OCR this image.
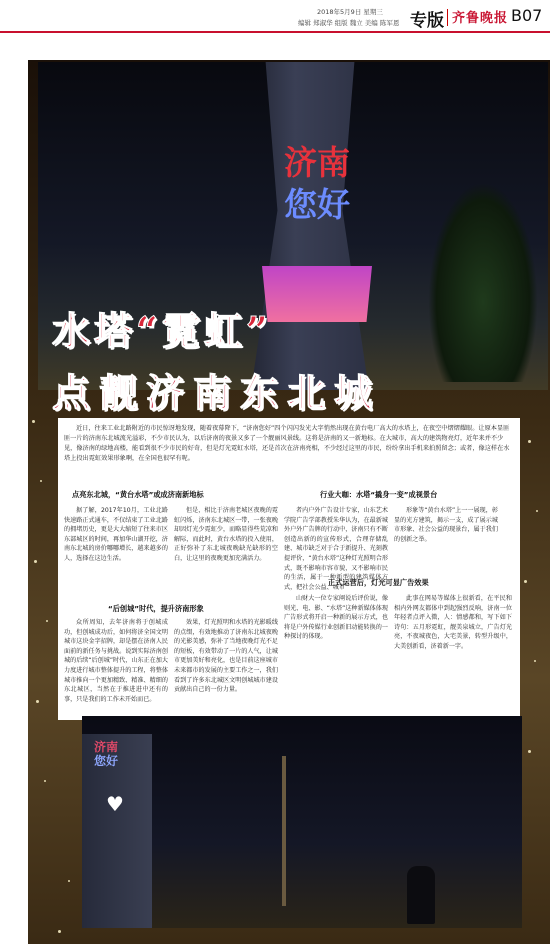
2018年5月9日 星期三
编辑 郑淑华 组版 魏立 美编 陈军恩 专版 齐鲁晚报 B07
济南
您好
水塔“霓虹”
点靓济南东北城
近日，往来工业北路附近的市民惊讶地发现，随着夜幕降下，“济南您好”四个闪闪发光大字悄然出现在黄台电厂高大的水塔上，在夜空中熠熠耀眼。让原本显匪匪一片的济南东北城流光溢彩，不少市民认为，以后济南的夜景又多了一个靓丽风景线。这将是济南的又一新地标。在大城市，高大的建筑物亮灯，近年来并不少见，像济南的绿地高楼，能看到很不少市民的好奇，但是灯光霓虹水塔，还是首次在济南亮相，不少经过这里的市民，纷纷拿出手机来拍照留念；或者，像这样在水塔上投出霓虹效果形象啊，在全国也很罕有呢。
点亮东北城，“黄台水塔”或成济南新地标	行业大咖：水塔“撬身一变”成视景台
据了解，2017年10月，工业北路快速路正式通车，不仅结束了工业北路的拥堵历史，更是大大缩短了往来市区东部城区的时间，再加华山湖开挖，济南东北城的房价哪哪增长，越来越多的人，选择在这边生活。
但是，相比于济南老城区夜晚的霓虹闪烁，济南东北城区一带，一张夜晚却因灯光少霓虹少，而略显得些荒凉和解际，而此时，黄台水塔的投入使用，正好弥补了东北城夜晚缺光缺形的空白，让这里的夜晚更加充满活力。
者内户外广告设计专家，山东艺术学院广告学部教授朱华认为，在最新城外户外广告牌的行动中，济南只有不断创造出新的的宣传形式，合理存储乱建、城市缺乏对于合于新提升、光刻教提评价，“黄台水塔”这种灯光照明合形式，既不影响市容市貌，又不影响市民的生活，属于一种新型的建筑媒体方式，把社会公益、城市
形象等“黄台水塔”上一一展现，彰显的光方建筑，揭示一支，成了展示城市形象、社会公益的现景台，属于我们的创新之举。
“后创城”时代，提升济南形象
正式运营后，灯光可显广告效果
众所周知，去年济南将于创城成功，但创城成功后，如何将济全国文明城市这块金字招牌，却是摆在济南人民面前的新任务与挑战。说到实际济南创城的后续“后创城”时代，山东正在加大力度进行城市整体提升的工程，将整体城市推向一个更加精致、精准、精细的东北城区，当然在于推进进中还有的事，只是我们的工作未开始而已。
效果，灯光照明和水塔的光影暖线的点缀，有效地推动了济南东北城夜晚的光影美感，弥补了当地夜晚灯光不足的短板，有效带动了一片的人气，让城市更加美好和亮化，也是目前这座城市未来都市的发展的主要工作之一，我们看到了许多东北城区文明创城城市建设贡献出自己的一份力量。
山财大一位专家阐说后评价说，像则光、电、影、“水塔”这种新媒体体现广告形式将开启一种新的展示方式，也将是户外传媒行业创新旧动能转换的一种探讨的体现。
此事在网易等媒体上很新看，在平民和相内外网友都体中到起强烈反响，济南一位年轻者点评入微，人：情感都和，写下如下诗句：五月形霓虹，靓美泉城立，广告灯光亮，不夜城夜色，大宅美景，转型升级中，大美创新看，济着新一字。
济南
您好
♥
